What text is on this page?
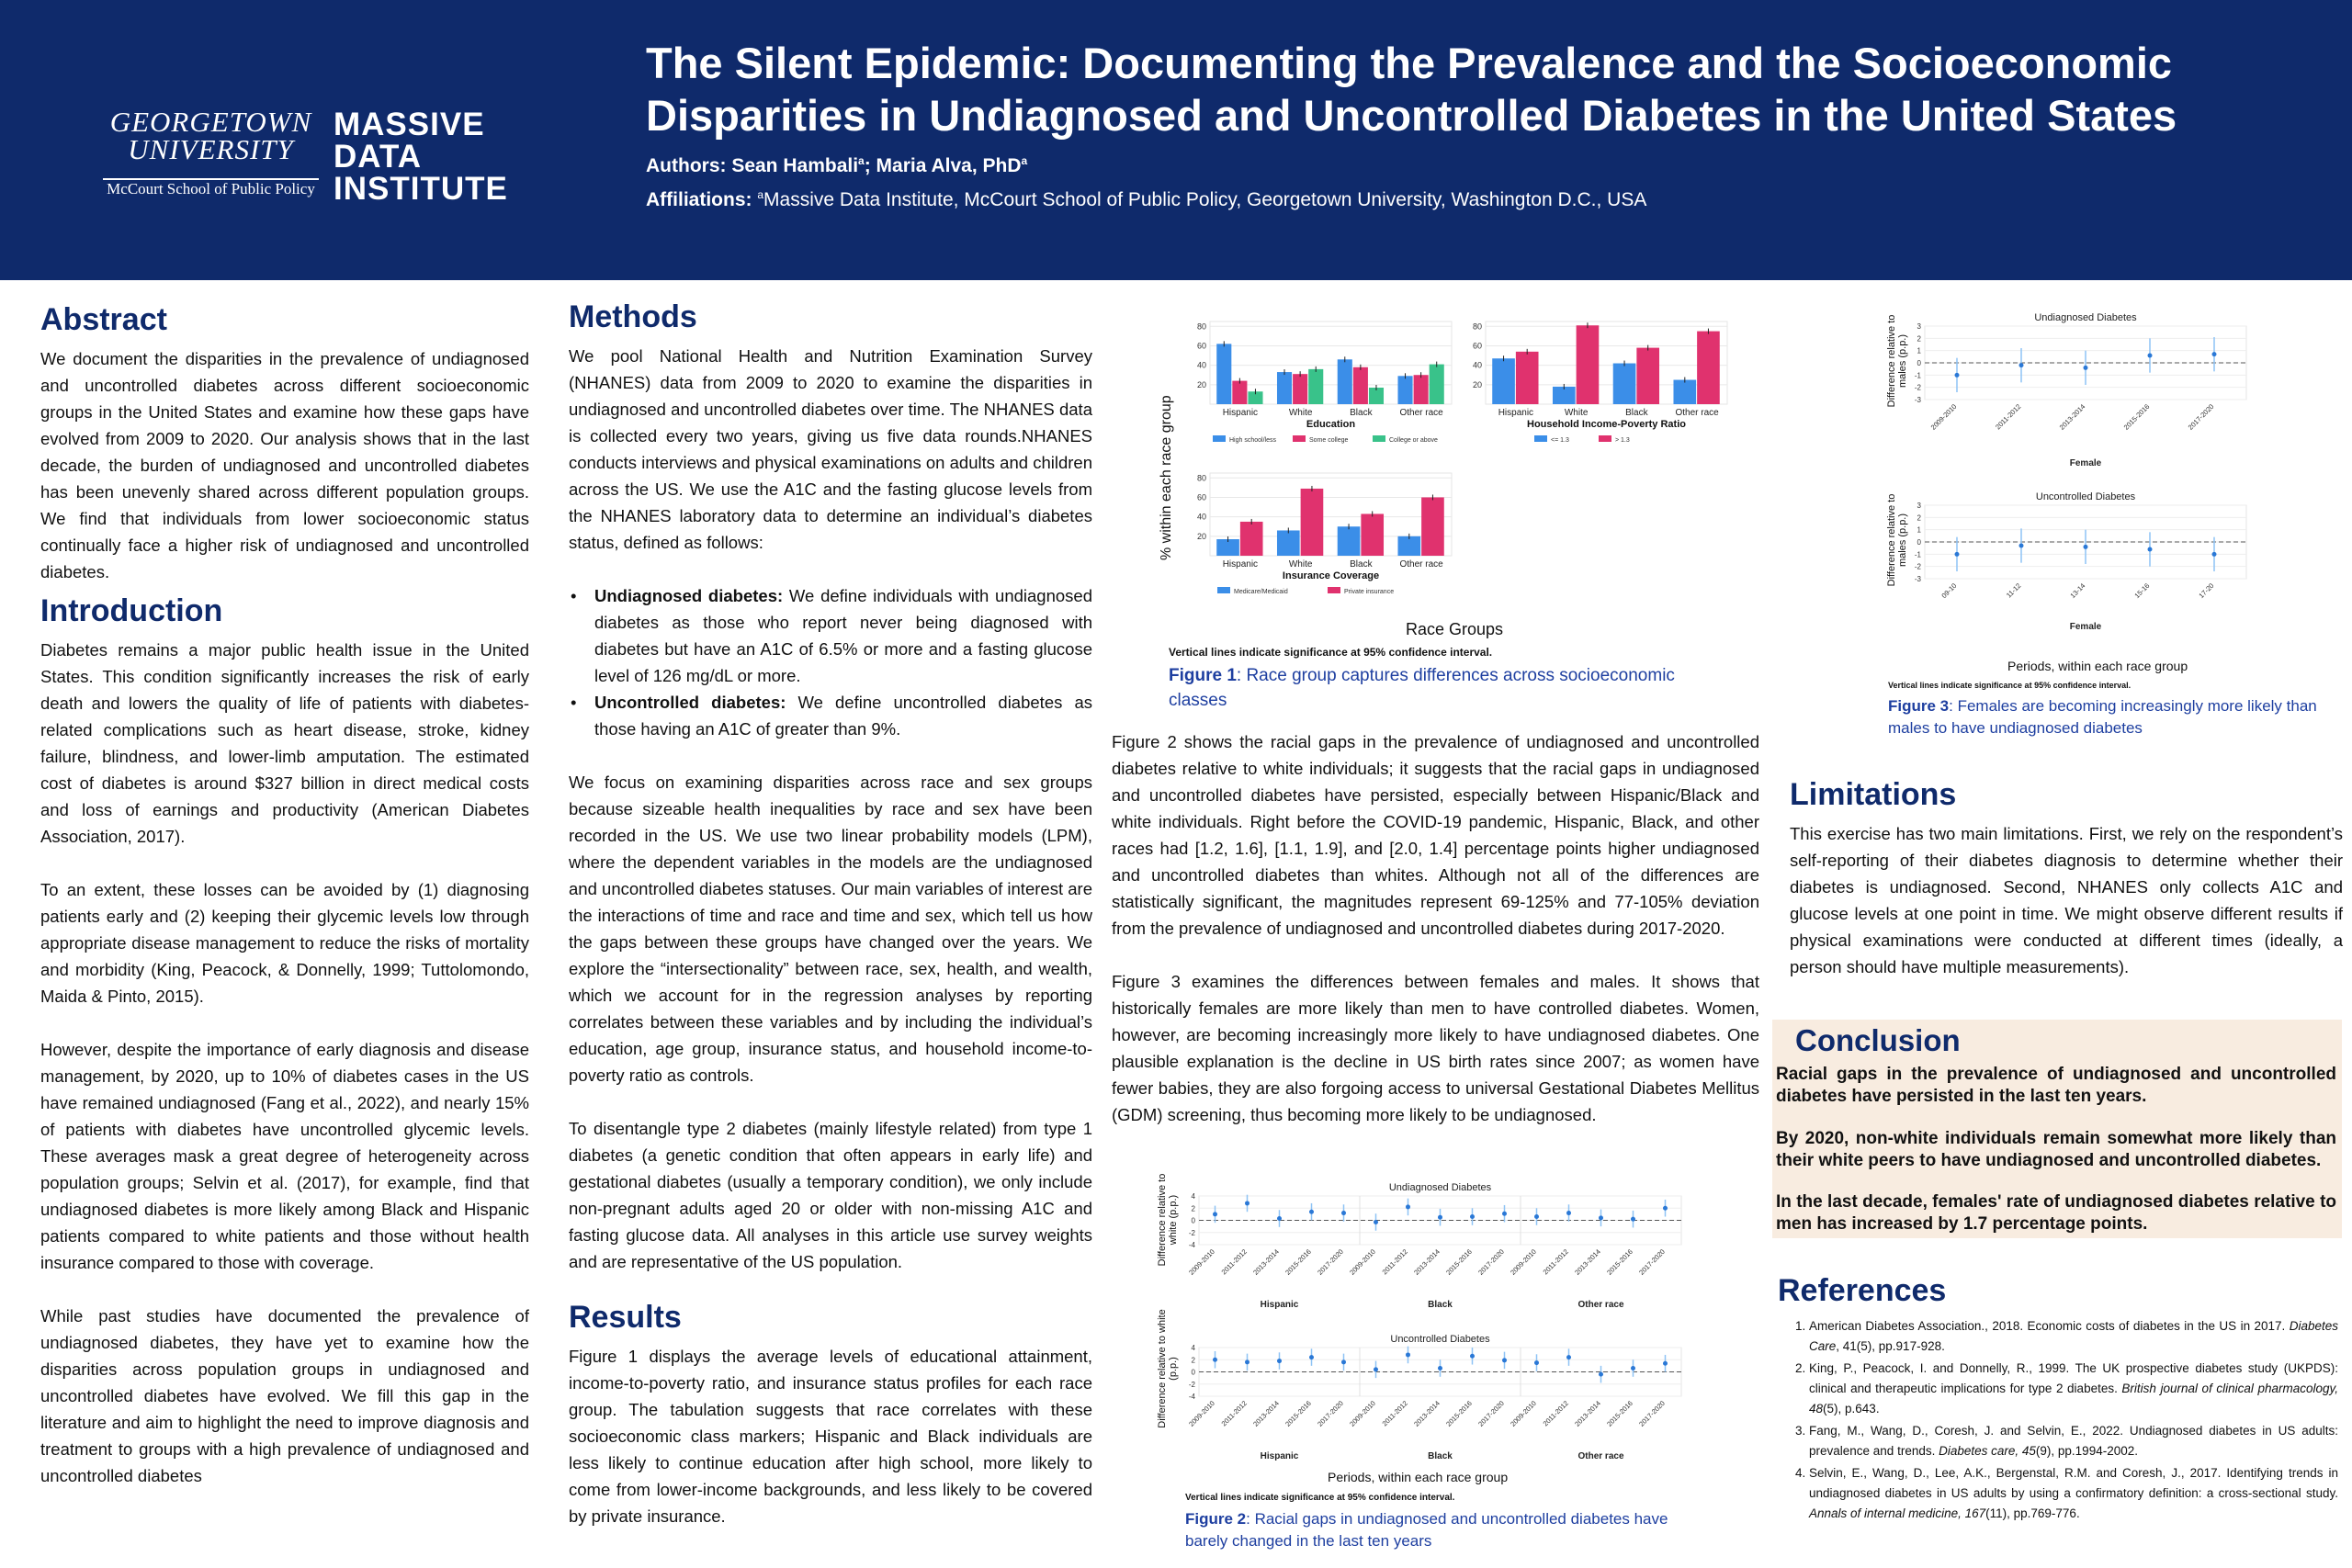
GEORGETOWN
UNIVERSITY
McCourt School of Public Policy
MASSIVE
DATA
INSTITUTE
The Silent Epidemic: Documenting the Prevalence and the Socioeconomic
Disparities in Undiagnosed and Uncontrolled Diabetes in the United States
Authors: Sean Hambali$^a$; Maria Alva, PhD$^a$
Affiliations: $^a$Massive Data Institute, McCourt School of Public Policy, Georgetown University, Washington D.C., USA
Abstract
We document the disparities in the prevalence of undiagnosed and uncontrolled diabetes across different socioeconomic groups in the United States and examine how these gaps have evolved from 2009 to 2020. Our analysis shows that in the last decade, the burden of undiagnosed and uncontrolled diabetes has been unevenly shared across different population groups. We find that individuals from lower socioeconomic status continually face a higher risk of undiagnosed and uncontrolled diabetes.
Introduction
Diabetes remains a major public health issue in the United States. This condition significantly increases the risk of early death and lowers the quality of life of patients with diabetes-related complications such as heart disease, stroke, kidney failure, blindness, and lower-limb amputation. The estimated cost of diabetes is around $327 billion in direct medical costs and loss of earnings and productivity (American Diabetes Association, 2017).
To an extent, these losses can be avoided by (1) diagnosing patients early and (2) keeping their glycemic levels low through appropriate disease management to reduce the risks of mortality and morbidity (King, Peacock, & Donnelly, 1999; Tuttolomondo, Maida & Pinto, 2015).
However, despite the importance of early diagnosis and disease management, by 2020, up to 10% of diabetes cases in the US have remained undiagnosed (Fang et al., 2022), and nearly 15% of patients with diabetes have uncontrolled glycemic levels. These averages mask a great degree of heterogeneity across population groups; Selvin et al. (2017), for example, find that undiagnosed diabetes is more likely among Black and Hispanic patients compared to white patients and those without health insurance compared to those with coverage.
While past studies have documented the prevalence of undiagnosed diabetes, they have yet to examine how the disparities across population groups in undiagnosed and uncontrolled diabetes have evolved. We fill this gap in the literature and aim to highlight the need to improve diagnosis and treatment to groups with a high prevalence of undiagnosed and uncontrolled diabetes
Methods
We pool National Health and Nutrition Examination Survey (NHANES) data from 2009 to 2020 to examine the disparities in undiagnosed and uncontrolled diabetes over time. The NHANES data is collected every two years, giving us five data rounds.NHANES conducts interviews and physical examinations on adults and children across the US. We use the A1C and the fasting glucose levels from the NHANES laboratory data to determine an individual’s diabetes status, defined as follows:
• Undiagnosed diabetes: We define individuals with undiagnosed diabetes as those who report never being diagnosed with diabetes but have an A1C of 6.5% or more and a fasting glucose level of 126 mg/dL or more.
• Uncontrolled diabetes: We define uncontrolled diabetes as those having an A1C of greater than 9%.
We focus on examining disparities across race and sex groups because sizeable health inequalities by race and sex have been recorded in the US. We use two linear probability models (LPM), where the dependent variables in the models are the undiagnosed and uncontrolled diabetes statuses. Our main variables of interest are the interactions of time and race and time and sex, which tell us how the gaps between these groups have changed over the years. We explore the “intersectionality” between race, sex, health, and wealth, which we account for in the regression analyses by reporting correlates between these variables and by including the individual’s education, age group, insurance status, and household income-to-poverty ratio as controls.
To disentangle type 2 diabetes (mainly lifestyle related) from type 1 diabetes (a genetic condition that often appears in early life) and gestational diabetes (usually a temporary condition), we only include non-pregnant adults aged 20 or older with non-missing A1C and fasting glucose data. All analyses in this article use survey weights and are representative of the US population.
Results
Figure 1 displays the average levels of educational attainment, income-to-poverty ratio, and insurance status profiles for each race group. The tabulation suggests that race correlates with these socioeconomic class markers; Hispanic and Black individuals are less likely to continue education after high school, more likely to come from lower-income backgrounds, and less likely to be covered by private insurance.
% within each race group
20
40
60
80
Hispanic	White	Black	Other race
Education
High school/less	Some college	College or above
20
40
60
80
Hispanic	White	Black	Other race
Household Income-Poverty Ratio
<= 1.3	> 1.3
20
40
60
80
Hispanic	White	Black	Other race
Insurance Coverage
Medicare/Medicaid	Private insurance
Race Groups
Vertical lines indicate significance at 95% confidence interval.
Figure 1: Race group captures differences across socioeconomic classes
Figure 2 shows the racial gaps in the prevalence of undiagnosed and uncontrolled diabetes relative to white individuals; it suggests that the racial gaps in undiagnosed and uncontrolled diabetes have persisted, especially between Hispanic/Black and white individuals. Right before the COVID-19 pandemic, Hispanic, Black, and other races had [1.2, 1.6], [1.1, 1.9], and [2.0, 1.4] percentage points higher undiagnosed and uncontrolled diabetes than whites. Although not all of the differences are statistically significant, the magnitudes represent 69-125% and 77-105% deviation from the prevalence of undiagnosed and uncontrolled diabetes during 2017-2020.
Figure 3 examines the differences between females and males. It shows that historically females are more likely than men to have controlled diabetes. Women, however, are becoming increasingly more likely to have undiagnosed diabetes. One plausible explanation is the decline in US birth rates since 2007; as women have fewer babies, they are also forgoing access to universal Gestational Diabetes Mellitus (GDM) screening, thus becoming more likely to be undiagnosed.
Difference relative to white (p.p.)
Difference relative to white (p.p.)
-4
-2
0
2
4
Undiagnosed Diabetes
2009-2010 2011-2012 2013-2014 2015-2016 2017-2020
Hispanic
2009-2010 2011-2012 2013-2014 2015-2016 2017-2020
Black
2009-2010 2011-2012 2013-2014 2015-2016 2017-2020
Other race
-4
-2
0
2
4
Uncontrolled Diabetes
2009-2010 2011-2012 2013-2014 2015-2016 2017-2020
Hispanic
2009-2010 2011-2012 2013-2014 2015-2016 2017-2020
Black
2009-2010 2011-2012 2013-2014 2015-2016 2017-2020
Other race
Periods, within each race group
Vertical lines indicate significance at 95% confidence interval.
Figure 2: Racial gaps in undiagnosed and uncontrolled diabetes have barely changed in the last ten years
Difference relative to males (p.p.)
Difference relative to males (p.p.)
-3
-2
-1
0
1
2
3
Undiagnosed Diabetes
2009-2010	2011-2012	2013-2014	2015-2016	2017-2020
Female
-3
-2
-1
0
1
2
3
Uncontrolled Diabetes
09-10	11-12	13-14	15-16	17-20
Female
Periods, within each race group
Vertical lines indicate significance at 95% confidence interval.
Figure 3: Females are becoming increasingly more likely than males to have undiagnosed diabetes
Limitations
This exercise has two main limitations. First, we rely on the respondent’s self-reporting of their diabetes diagnosis to determine whether their diabetes is undiagnosed. Second, NHANES only collects A1C and glucose levels at one point in time. We might observe different results if physical examinations were conducted at different times (ideally, a person should have multiple measurements).
Conclusion
Racial gaps in the prevalence of undiagnosed and uncontrolled diabetes have persisted in the last ten years.
By 2020, non-white individuals remain somewhat more likely than their white peers to have undiagnosed and uncontrolled diabetes.
In the last decade, females' rate of undiagnosed diabetes relative to men has increased by 1.7 percentage points.
References
1. American Diabetes Association., 2018. Economic costs of diabetes in the US in 2017. Diabetes Care, 41(5), pp.917-928.
2. King, P., Peacock, I. and Donnelly, R., 1999. The UK prospective diabetes study (UKPDS): clinical and therapeutic implications for type 2 diabetes. British journal of clinical pharmacology, 48(5), p.643.
3. Fang, M., Wang, D., Coresh, J. and Selvin, E., 2022. Undiagnosed diabetes in US adults: prevalence and trends. Diabetes care, 45(9), pp.1994-2002.
4. Selvin, E., Wang, D., Lee, A.K., Bergenstal, R.M. and Coresh, J., 2017. Identifying trends in undiagnosed diabetes in US adults by using a confirmatory definition: a cross-sectional study. Annals of internal medicine, 167(11), pp.769-776.
